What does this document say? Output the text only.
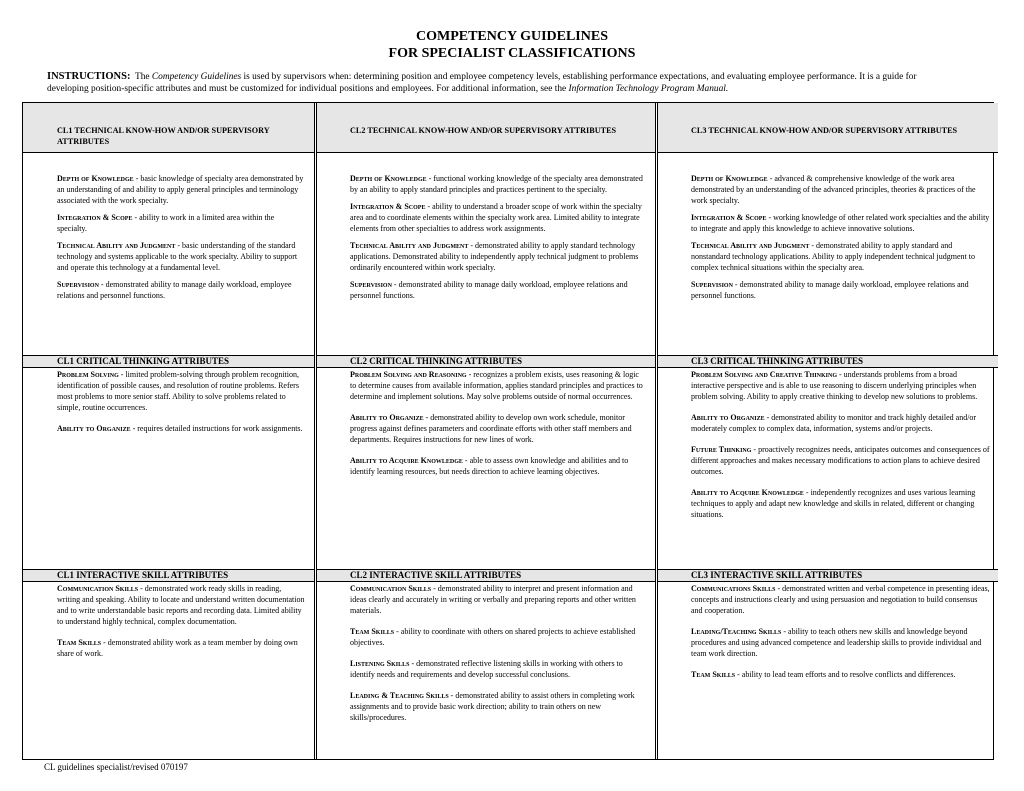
COMPETENCY GUIDELINES
FOR SPECIALIST CLASSIFICATIONS
INSTRUCTIONS: The Competency Guidelines is used by supervisors when: determining position and employee competency levels, establishing performance expectations, and evaluating employee performance. It is a guide for developing position-specific attributes and must be customized for individual positions and employees. For additional information, see the Information Technology Program Manual.
CL1 TECHNICAL KNOW-HOW AND/OR SUPERVISORY ATTRIBUTES

Depth of Knowledge - basic knowledge of specialty area demonstrated by an understanding of and ability to apply general principles and terminology associated with the work specialty.

Integration & Scope - ability to work in a limited area within the specialty.

Technical Ability and Judgment - basic understanding of the standard technology and systems applicable to the work specialty. Ability to support and operate this technology at a fundamental level.

Supervision - demonstrated ability to manage daily workload, employee relations and personnel functions.

CL1 CRITICAL THINKING ATTRIBUTES

Problem Solving - limited problem-solving through problem recognition, identification of possible causes, and resolution of routine problems. Refers most problems to more senior staff. Ability to solve problems related to simple, routine occurrences.

Ability to Organize - requires detailed instructions for work assignments.

CL1 INTERACTIVE SKILL ATTRIBUTES

Communication Skills - demonstrated work ready skills in reading, writing and speaking. Ability to locate and understand written documentation and to write understandable basic reports and recording data. Limited ability to understand highly technical, complex documentation.

Team Skills - demonstrated ability work as a team member by doing own share of work.

CL2 TECHNICAL KNOW-HOW AND/OR SUPERVISORY ATTRIBUTES

Depth of Knowledge - functional working knowledge of the specialty area demonstrated by an ability to apply standard principles and practices pertinent to the specialty.

Integration & Scope - ability to understand a broader scope of work within the specialty area and to coordinate elements within the specialty work area. Limited ability to integrate elements from other specialties to address work assignments.

Technical Ability and Judgment - demonstrated ability to apply standard technology applications. Demonstrated ability to independently apply technical judgment to problems ordinarily encountered within work specialty.

Supervision - demonstrated ability to manage daily workload, employee relations and personnel functions.

CL2 CRITICAL THINKING ATTRIBUTES

Problem Solving and Reasoning - recognizes a problem exists, uses reasoning & logic to determine causes from available information, applies standard principles and practices to determine and implement solutions. May solve problems outside of normal occurrences.

Ability to Organize - demonstrated ability to develop own work schedule, monitor progress against defines parameters and coordinate efforts with other staff members and departments. Requires instructions for new lines of work.

Ability to Acquire Knowledge - able to assess own knowledge and abilities and to identify learning resources, but needs direction to achieve learning objectives.

CL2 INTERACTIVE SKILL ATTRIBUTES

Communication Skills - demonstrated ability to interpret and present information and ideas clearly and accurately in writing or verbally and preparing reports and other written materials.

Team Skills - ability to coordinate with others on shared projects to achieve established objectives.

Listening Skills - demonstrated reflective listening skills in working with others to identify needs and requirements and develop successful conclusions.

Leading & Teaching Skills - demonstrated ability to assist others in completing work assignments and to provide basic work direction; ability to train others on new skills/procedures.

CL3 TECHNICAL KNOW-HOW AND/OR SUPERVISORY ATTRIBUTES

Depth of Knowledge - advanced & comprehensive knowledge of the work area demonstrated by an understanding of the advanced principles, theories & practices of the work specialty.

Integration & Scope - working knowledge of other related work specialties and the ability to integrate and apply this knowledge to achieve innovative solutions.

Technical Ability and Judgment - demonstrated ability to apply standard and nonstandard technology applications. Ability to apply independent technical judgment to complex technical situations within the specialty area.

Supervision - demonstrated ability to manage daily workload, employee relations and personnel functions.

CL3 CRITICAL THINKING ATTRIBUTES

Problem Solving and Creative Thinking - understands problems from a broad interactive perspective and is able to use reasoning to discern underlying principles when problem solving. Ability to apply creative thinking to develop new solutions to problems.

Ability to Organize - demonstrated ability to monitor and track highly detailed and/or moderately complex to complex data, information, systems and/or projects.

Future Thinking - proactively recognizes needs, anticipates outcomes and consequences of different approaches and makes necessary modifications to action plans to achieve desired outcomes.

Ability to Acquire Knowledge - independently recognizes and uses various learning techniques to apply and adapt new knowledge and skills in related, different or changing situations.

CL3 INTERACTIVE SKILL ATTRIBUTES

Communications Skills - demonstrated written and verbal competence in presenting ideas, concepts and instructions clearly and using persuasion and negotiation to build consensus and cooperation.

Leading/Teaching Skills - ability to teach others new skills and knowledge beyond procedures and using advanced competence and leadership skills to provide individual and team work direction.

Team Skills - ability to lead team efforts and to resolve conflicts and differences.

CL guidelines specialist/revised 070197
